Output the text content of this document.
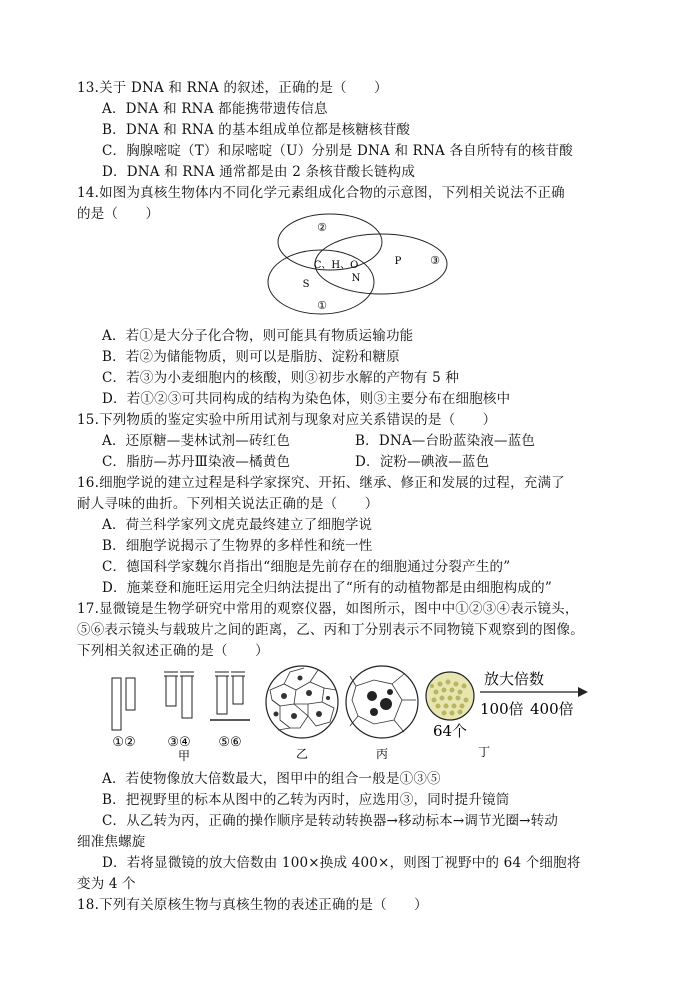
13.关于 DNA 和 RNA 的叙述，正确的是（　　）
A．DNA 和 RNA 都能携带遗传信息
B．DNA 和 RNA 的基本组成单位都是核糖核苷酸
C．胸腺嘧啶（T）和尿嘧啶（U）分别是 DNA 和 RNA 各自所特有的核苷酸
D．DNA 和 RNA 通常都是由 2 条核苷酸长链构成
14.如图为真核生物体内不同化学元素组成化合物的示意图，下列相关说法不正确
的是（　　）
②
P	③
C、H、O
N
S
①
A．若①是大分子化合物，则可能具有物质运输功能
B．若②为储能物质，则可以是脂肪、淀粉和糖原
C．若③为小麦细胞内的核酸，则③初步水解的产物有 5 种
D．若①②③可共同构成的结构为染色体，则③主要分布在细胞核中
15.下列物质的鉴定实验中所用试剂与现象对应关系错误的是（　　）
A．还原糖—斐林试剂—砖红色	B．DNA—台盼蓝染液—蓝色
C．脂肪—苏丹Ⅲ染液—橘黄色	D．淀粉—碘液—蓝色
16.细胞学说的建立过程是科学家探究、开拓、继承、修正和发展的过程，充满了
耐人寻味的曲折。下列相关说法正确的是（　　）
A．荷兰科学家列文虎克最终建立了细胞学说
B．细胞学说揭示了生物界的多样性和统一性
C．德国科学家魏尔肖指出“细胞是先前存在的细胞通过分裂产生的”
D．施莱登和施旺运用完全归纳法提出了“所有的动植物都是由细胞构成的”
17.显微镜是生物学研究中常用的观察仪器，如图所示，图中中①②③④表示镜头，
⑤⑥表示镜头与载玻片之间的距离，乙、丙和丁分别表示不同物镜下观察到的图像。
下列相关叙述正确的是（　　）
①② ③④ ⑤⑥
甲	乙	丙
64个
丁
放大倍数
100倍 400倍
A．若使物像放大倍数最大，图甲中的组合一般是①③⑤
B．把视野里的标本从图中的乙转为丙时，应选用③，同时提升镜筒
C．从乙转为丙，正确的操作顺序是转动转换器→移动标本→调节光圈→转动
细准焦螺旋
D．若将显微镜的放大倍数由 100×换成 400×，则图丁视野中的 64 个细胞将
变为 4 个
18.下列有关原核生物与真核生物的表述正确的是（　　）
